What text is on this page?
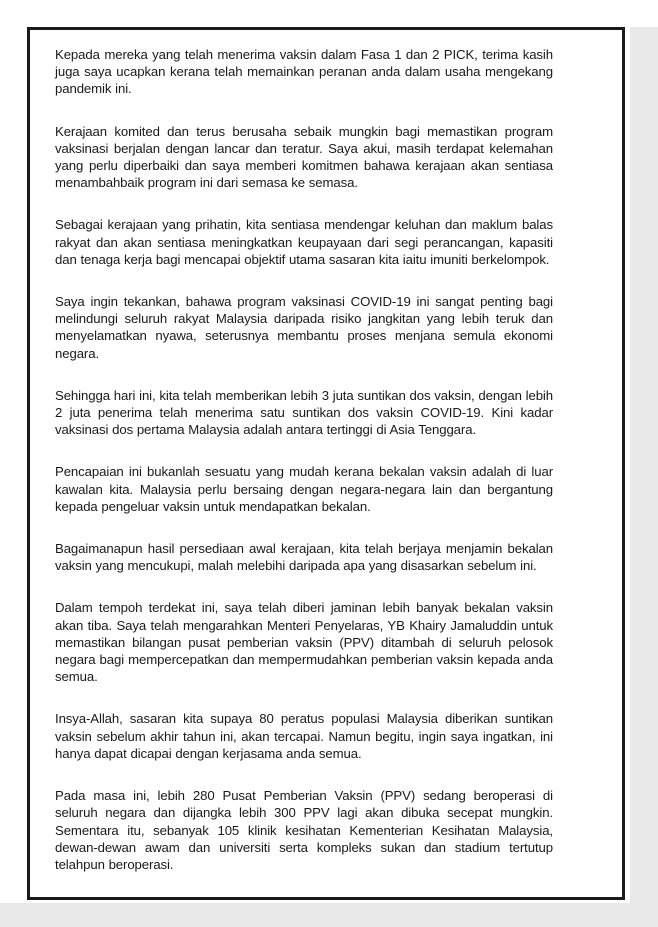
Kepada mereka yang telah menerima vaksin dalam Fasa 1 dan 2 PICK, terima kasih juga saya ucapkan kerana telah memainkan peranan anda dalam usaha mengekang pandemik ini.

Kerajaan komited dan terus berusaha sebaik mungkin bagi memastikan program vaksinasi berjalan dengan lancar dan teratur. Saya akui, masih terdapat kelemahan yang perlu diperbaiki dan saya memberi komitmen bahawa kerajaan akan sentiasa menambahbaik program ini dari semasa ke semasa.

Sebagai kerajaan yang prihatin, kita sentiasa mendengar keluhan dan maklum balas rakyat dan akan sentiasa meningkatkan keupayaan dari segi perancangan, kapasiti dan tenaga kerja bagi mencapai objektif utama sasaran kita iaitu imuniti berkelompok.

Saya ingin tekankan, bahawa program vaksinasi COVID-19 ini sangat penting bagi melindungi seluruh rakyat Malaysia daripada risiko jangkitan yang lebih teruk dan menyelamatkan nyawa, seterusnya membantu proses menjana semula ekonomi negara.

Sehingga hari ini, kita telah memberikan lebih 3 juta suntikan dos vaksin, dengan lebih 2 juta penerima telah menerima satu suntikan dos vaksin COVID-19. Kini kadar vaksinasi dos pertama Malaysia adalah antara tertinggi di Asia Tenggara.

Pencapaian ini bukanlah sesuatu yang mudah kerana bekalan vaksin adalah di luar kawalan kita. Malaysia perlu bersaing dengan negara-negara lain dan bergantung kepada pengeluar vaksin untuk mendapatkan bekalan.

Bagaimanapun hasil persediaan awal kerajaan, kita telah berjaya menjamin bekalan vaksin yang mencukupi, malah melebihi daripada apa yang disasarkan sebelum ini.

Dalam tempoh terdekat ini, saya telah diberi jaminan lebih banyak bekalan vaksin akan tiba. Saya telah mengarahkan Menteri Penyelaras, YB Khairy Jamaluddin untuk memastikan bilangan pusat pemberian vaksin (PPV) ditambah di seluruh pelosok negara bagi mempercepatkan dan mempermudahkan pemberian vaksin kepada anda semua.

Insya-Allah, sasaran kita supaya 80 peratus populasi Malaysia diberikan suntikan vaksin sebelum akhir tahun ini, akan tercapai. Namun begitu, ingin saya ingatkan, ini hanya dapat dicapai dengan kerjasama anda semua.

Pada masa ini, lebih 280 Pusat Pemberian Vaksin (PPV) sedang beroperasi di seluruh negara dan dijangka lebih 300 PPV lagi akan dibuka secepat mungkin. Sementara itu, sebanyak 105 klinik kesihatan Kementerian Kesihatan Malaysia, dewan-dewan awam dan universiti serta kompleks sukan dan stadium tertutup telahpun beroperasi.
